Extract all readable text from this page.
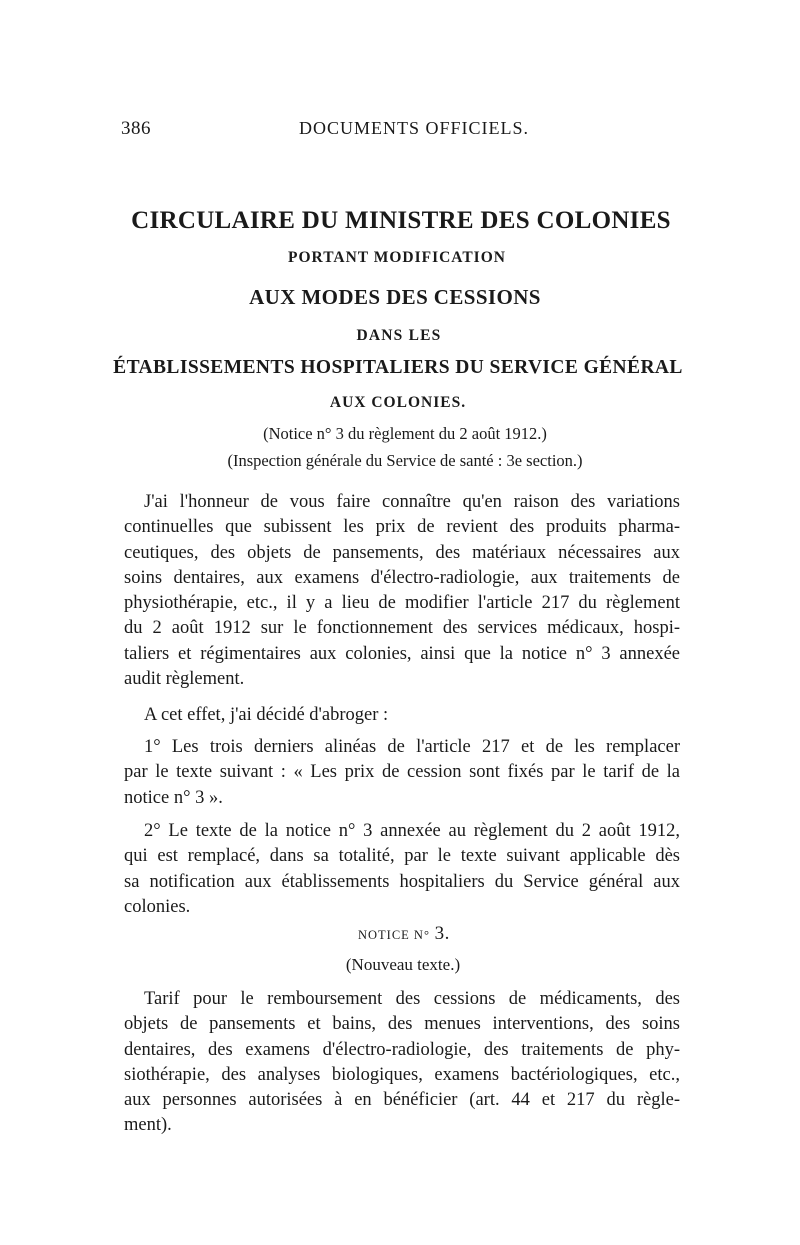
386	DOCUMENTS OFFICIELS.
CIRCULAIRE DU MINISTRE DES COLONIES
PORTANT MODIFICATION
AUX MODES DES CESSIONS
DANS LES
ÉTABLISSEMENTS HOSPITALIERS DU SERVICE GÉNÉRAL
AUX COLONIES.
(Notice n° 3 du règlement du 2 août 1912.)
(Inspection générale du Service de santé : 3e section.)
J'ai l'honneur de vous faire connaître qu'en raison des variations
continuelles que subissent les prix de revient des produits pharma-
ceutiques, des objets de pansements, des matériaux nécessaires aux
soins dentaires, aux examens d'électro-radiologie, aux traitements de
physiothérapie, etc., il y a lieu de modifier l'article 217 du règlement
du 2 août 1912 sur le fonctionnement des services médicaux, hospi-
taliers et régimentaires aux colonies, ainsi que la notice n° 3 annexée
audit règlement.
A cet effet, j'ai décidé d'abroger :
1° Les trois derniers alinéas de l'article 217 et de les remplacer
par le texte suivant : « Les prix de cession sont fixés par le tarif de la
notice n° 3 ».
2° Le texte de la notice n° 3 annexée au règlement du 2 août 1912,
qui est remplacé, dans sa totalité, par le texte suivant applicable dès
sa notification aux établissements hospitaliers du Service général aux
colonies.
NOTICE N° 3.
(Nouveau texte.)
Tarif pour le remboursement des cessions de médicaments, des
objets de pansements et bains, des menues interventions, des soins
dentaires, des examens d'électro-radiologie, des traitements de phy-
siothérapie, des analyses biologiques, examens bactériologiques, etc.,
aux personnes autorisées à en bénéficier (art. 44 et 217 du règle-
ment).
